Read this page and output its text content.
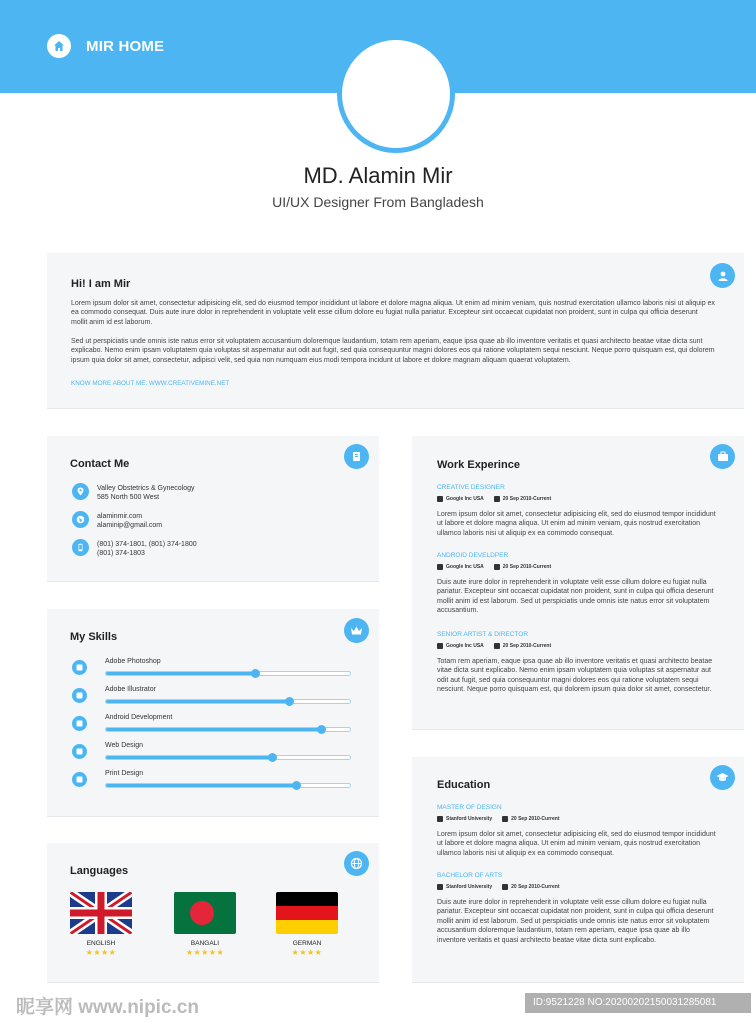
MIR HOME
MD. Alamin Mir
UI/UX Designer From Bangladesh
Hi! I am Mir
Lorem ipsum dolor sit amet, consectetur adipisicing elit, sed do eiusmod tempor incididunt ut labore et dolore magna aliqua. Ut enim ad minim veniam, quis nostrud exercitation ullamco laboris nisi ut aliquip ex ea commodo consequat. Duis aute irure dolor in reprehenderit in voluptate velit esse cillum dolore eu fugiat nulla pariatur. Excepteur sint occaecat cupidatat non proident, sunt in culpa qui officia deserunt mollit anim id est laborum.
Sed ut perspiciatis unde omnis iste natus error sit voluptatem accusantium doloremque laudantium, totam rem aperiam, eaque ipsa quae ab illo inventore veritatis et quasi architecto beatae vitae dicta sunt explicabo. Nemo enim ipsam voluptatem quia voluptas sit aspernatur aut odit aut fugit, sed quia consequuntur magni dolores eos qui ratione voluptatem sequi nesciunt. Neque porro quisquam est, qui dolorem ipsum quia dolor sit amet, consectetur, adipisci velit, sed quia non numquam eius modi tempora incidunt ut labore et dolore magnam aliquam quaerat voluptatem.
KNOW MORE ABOUT ME: WWW.CREATIVEMINE.NET
Contact Me
Valley Obstetrics & Gynecology
585 North 500 West
alaminmir.com
alaminip@gmail.com
(801) 374-1801, (801) 374-1800
(801) 374-1803
My Skills
Adobe Photoshop
Adobe Illustrator
Android Development
Web Design
Print Design
Languages
ENGLISH
★★★★
BANGALI
★★★★★
GERMAN
★★★★
Work Experince
CREATIVE DESIGNER
Google Inc USA	20 Sep 2010-Current
Lorem ipsum dolor sit amet, consectetur adipisicing elit, sed do eiusmod tempor incididunt ut labore et dolore magna aliqua. Ut enim ad minim veniam, quis nostrud exercitation ullamco laboris nisi ut aliquip ex ea commodo consequat.
ANDROID DEVELDPER
Google Inc USA	20 Sep 2010-Current
Duis aute irure dolor in reprehenderit in voluptate velit esse cillum dolore eu fugiat nulla pariatur. Excepteur sint occaecat cupidatat non proident, sunt in culpa qui officia deserunt mollit anim id est laborum. Sed ut perspiciatis unde omnis iste natus error sit voluptatem accusantium.
SENIOR ARTIST & DIRECTOR
Google Inc USA	20 Sep 2010-Current
Totam rem aperiam, eaque ipsa quae ab illo inventore veritatis et quasi architecto beatae vitae dicta sunt explicabo. Nemo enim ipsam voluptatem quia voluptas sit aspernatur aut odit aut fugit, sed quia consequuntur magni dolores eos qui ratione voluptatem sequi nesciunt. Neque porro quisquam est, qui dolorem ipsum quia dolor sit amet, consectetur.
Education
MASTER OF DESIGN
Stanford University	20 Sep 2010-Current
Lorem ipsum dolor sit amet, consectetur adipisicing elit, sed do eiusmod tempor incididunt ut labore et dolore magna aliqua. Ut enim ad minim veniam, quis nostrud exercitation ullamco laboris nisi ut aliquip ex ea commodo consequat.
BACHELOR OF ARTS
Stanford University	20 Sep 2010-Current
Duis aute irure dolor in reprehenderit in voluptate velit esse cillum dolore eu fugiat nulla pariatur. Excepteur sint occaecat cupidatat non proident, sunt in culpa qui officia deserunt mollit anim id est laborum. Sed ut perspiciatis unde omnis iste natus error sit voluptatem accusantium doloremque laudantium, totam rem aperiam, eaque ipsa quae ab illo inventore veritatis et quasi architecto beatae vitae dicta sunt explicabo.
昵享网 www.nipic.cn	ID:9521228 NO:20200202150031285081
